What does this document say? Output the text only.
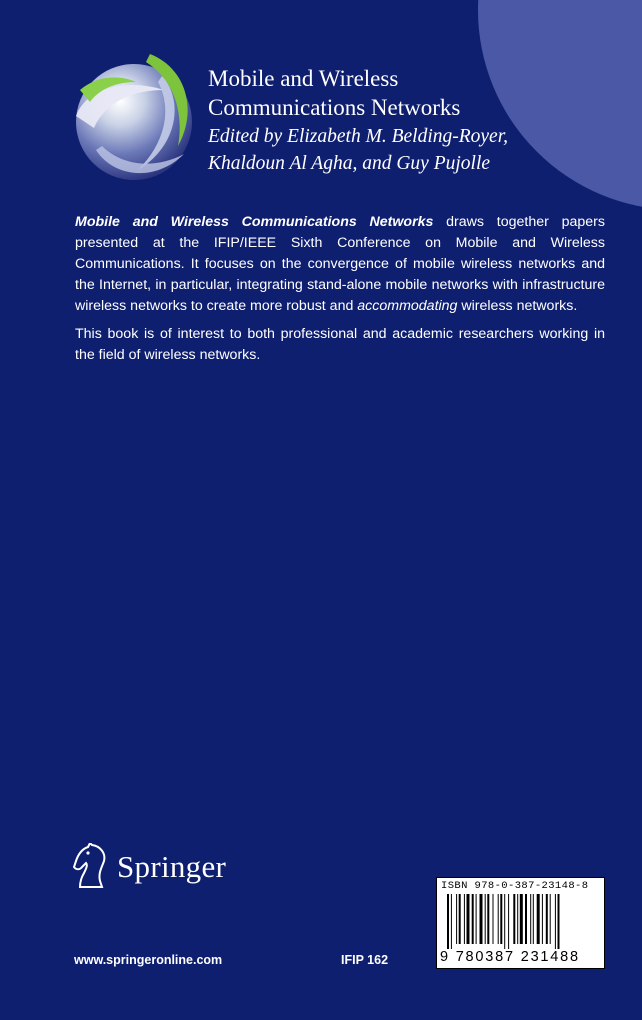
Mobile and Wireless
Communications Networks

Edited by Elizabeth M. Belding-Royer,
Khaldoun Al Agha, and Guy Pujolle

Mobile and Wireless Communications Networks draws together papers presented at the IFIP/IEEE Sixth Conference on Mobile and Wireless Communications. It focuses on the convergence of mobile wireless networks and the Internet, in particular, integrating stand-alone mobile networks with infrastructure wireless networks to create more robust and accommodating wireless networks.

This book is of interest to both professional and academic researchers working in the field of wireless networks.

Springer
www.springeronline.com	IFIP 162
ISBN 978-0-387-23148-8
9 780387 231488
